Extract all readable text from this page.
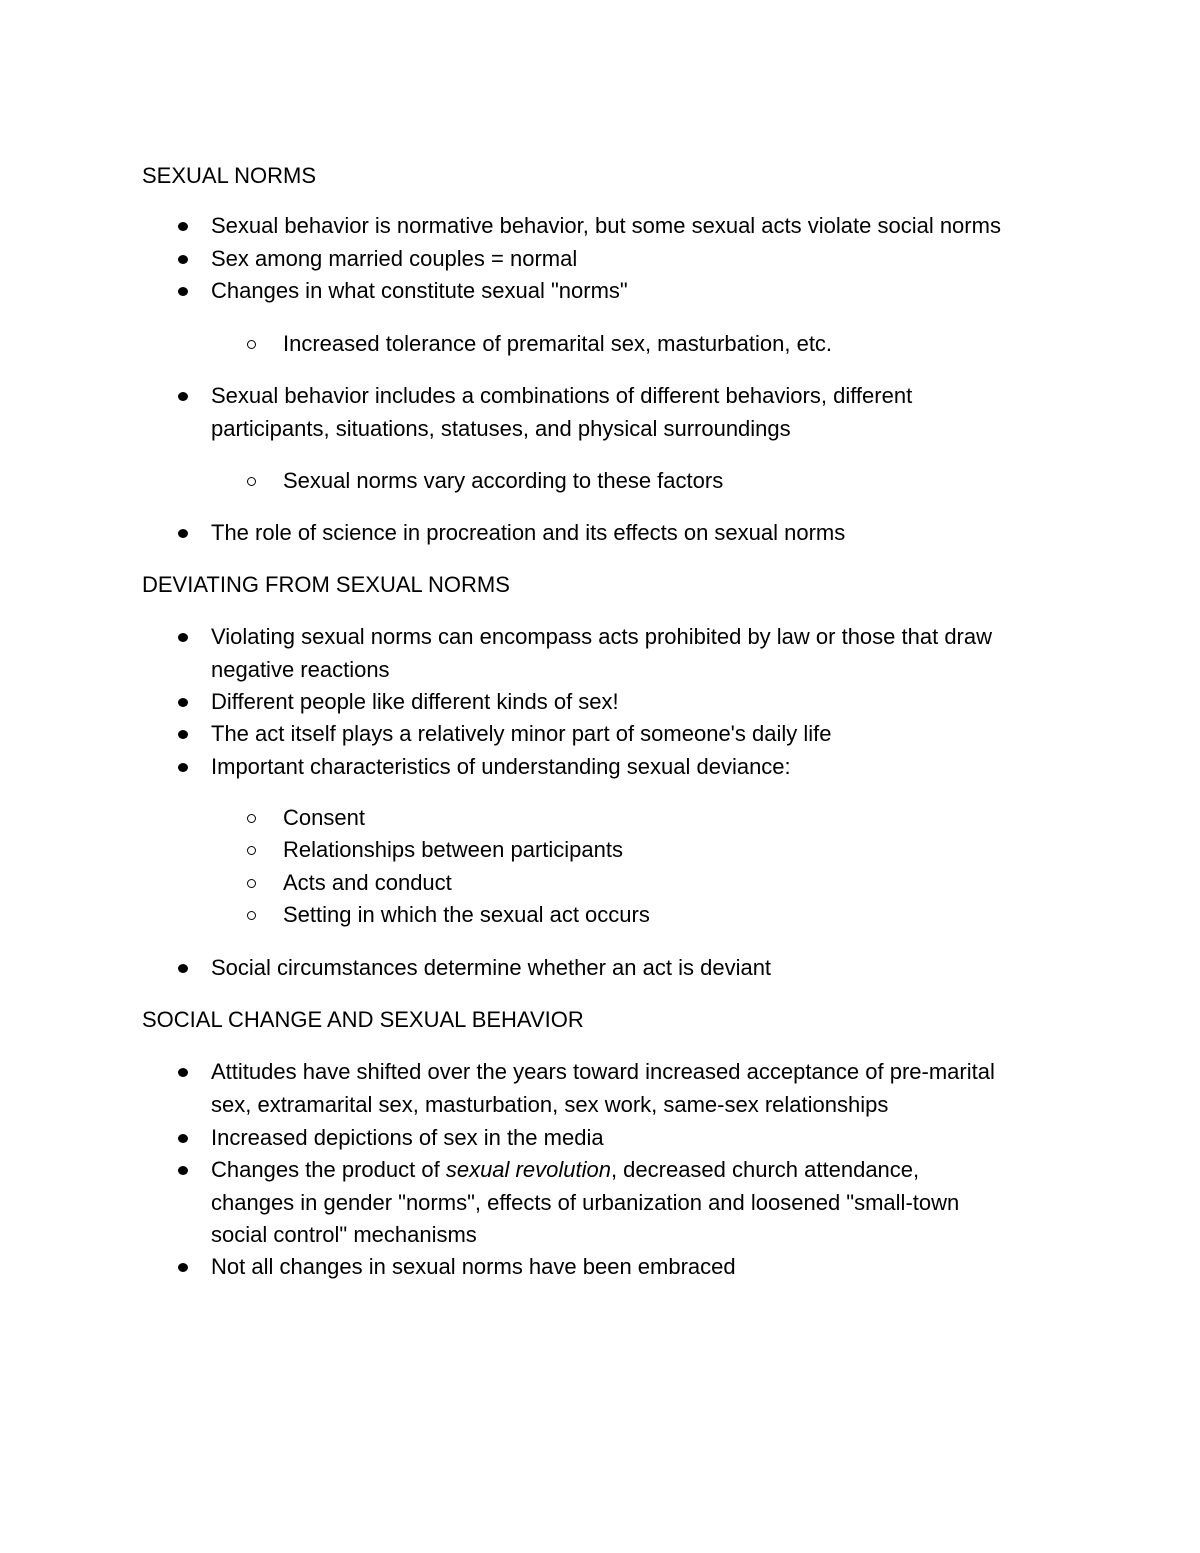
SEXUAL NORMS
Sexual behavior is normative behavior, but some sexual acts violate social norms
Sex among married couples = normal
Changes in what constitute sexual "norms"
Increased tolerance of premarital sex, masturbation, etc.
Sexual behavior includes a combinations of different behaviors, different
participants, situations, statuses, and physical surroundings
Sexual norms vary according to these factors
The role of science in procreation and its effects on sexual norms
DEVIATING FROM SEXUAL NORMS
Violating sexual norms can encompass acts prohibited by law or those that draw
negative reactions
Different people like different kinds of sex!
The act itself plays a relatively minor part of someone's daily life
Important characteristics of understanding sexual deviance:
Consent
Relationships between participants
Acts and conduct
Setting in which the sexual act occurs
Social circumstances determine whether an act is deviant
SOCIAL CHANGE AND SEXUAL BEHAVIOR
Attitudes have shifted over the years toward increased acceptance of pre-marital
sex, extramarital sex, masturbation, sex work, same-sex relationships
Increased depictions of sex in the media
Changes the product of sexual revolution, decreased church attendance,
changes in gender "norms", effects of urbanization and loosened "small-town
social control" mechanisms
Not all changes in sexual norms have been embraced
